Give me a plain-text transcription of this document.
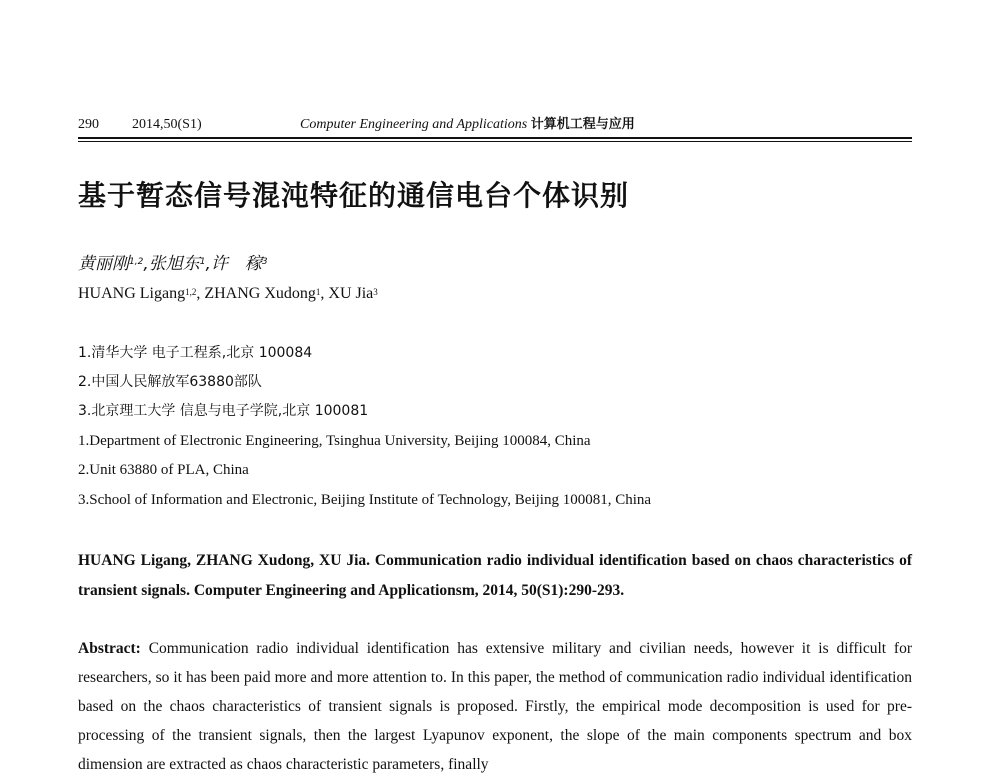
290 2014,50(S1)	Computer Engineering and Applications 计算机工程与应用
基于暂态信号混沌特征的通信电台个体识别
黄丽刚$^{1,2}$,张旭东$^1$,许　稼$^3$
HUANG Ligang$^{1,2}$, ZHANG Xudong$^1$, XU Jia$^3$
1.清华大学 电子工程系,北京 100084
2.中国人民解放军63880部队
3.北京理工大学 信息与电子学院,北京 100081
1.Department of Electronic Engineering, Tsinghua University, Beijing 100084, China
2.Unit 63880 of PLA, China
3.School of Information and Electronic, Beijing Institute of Technology, Beijing 100081, China
HUANG Ligang, ZHANG Xudong, XU Jia. Communication radio individual identification based on chaos characteristics of transient signals. Computer Engineering and Applicationsm, 2014, 50(S1):290-293.
Abstract: Communication radio individual identification has extensive military and civilian needs, however it is difficult for researchers, so it has been paid more and more attention to. In this paper, the method of communication radio individual identification based on the chaos characteristics of transient signals is proposed. Firstly, the empirical mode decomposition is used for pre-processing of the transient signals, then the largest Lyapunov exponent, the slope of the main components spectrum and box dimension are extracted as chaos characteristic parameters, finally
